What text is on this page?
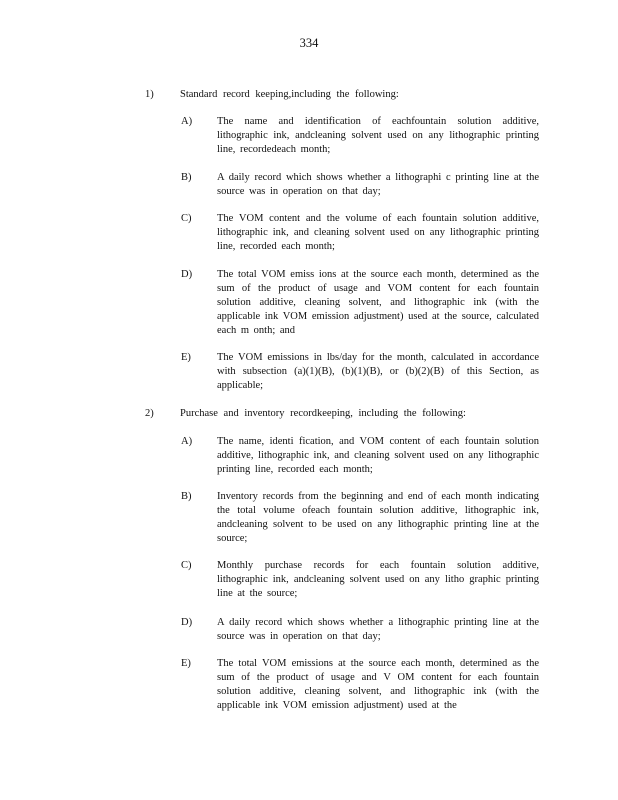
334
1)	Standard record keeping,including the following:
A) The name and identification of eachfountain solution additive, lithographic ink, andcleaning solvent used on any lithographic printing line, recordedeach month;
B) A daily record which shows whether a lithographi c printing line at the source was in operation on that day;
C) The VOM content and the volume of each fountain solution additive, lithographic ink, and cleaning solvent used on any lithographic printing line, recorded each month;
D) The total VOM emiss ions at the source each month, determined as the sum of the product of usage and VOM content for each fountain solution additive, cleaning solvent, and lithographic ink (with the applicable ink VOM emission adjustment) used at the source, calculated each m onth; and
E) The VOM emissions in lbs/day for the month, calculated in accordance with subsection (a)(1)(B), (b)(1)(B), or (b)(2)(B) of this Section, as applicable;
2)	Purchase and inventory recordkeeping, including the following:
A) The name, identi fication, and VOM content of each fountain solution additive, lithographic ink, and cleaning solvent used on any lithographic printing line, recorded each month;
B) Inventory records from the beginning and end of each month indicating the total volume ofeach fountain solution additive, lithographic ink, andcleaning solvent to be used on any lithographic printing line at the source;
C) Monthly purchase records for each fountain solution additive, lithographic ink, andcleaning solvent used on any litho graphic printing line at the source;
D) A daily record which shows whether a lithographic printing line at the source was in operation on that day;
E) The total VOM emissions at the source each month, determined as the sum of the product of usage and V OM content for each fountain solution additive, cleaning solvent, and lithographic ink (with the applicable ink VOM emission adjustment) used at the
